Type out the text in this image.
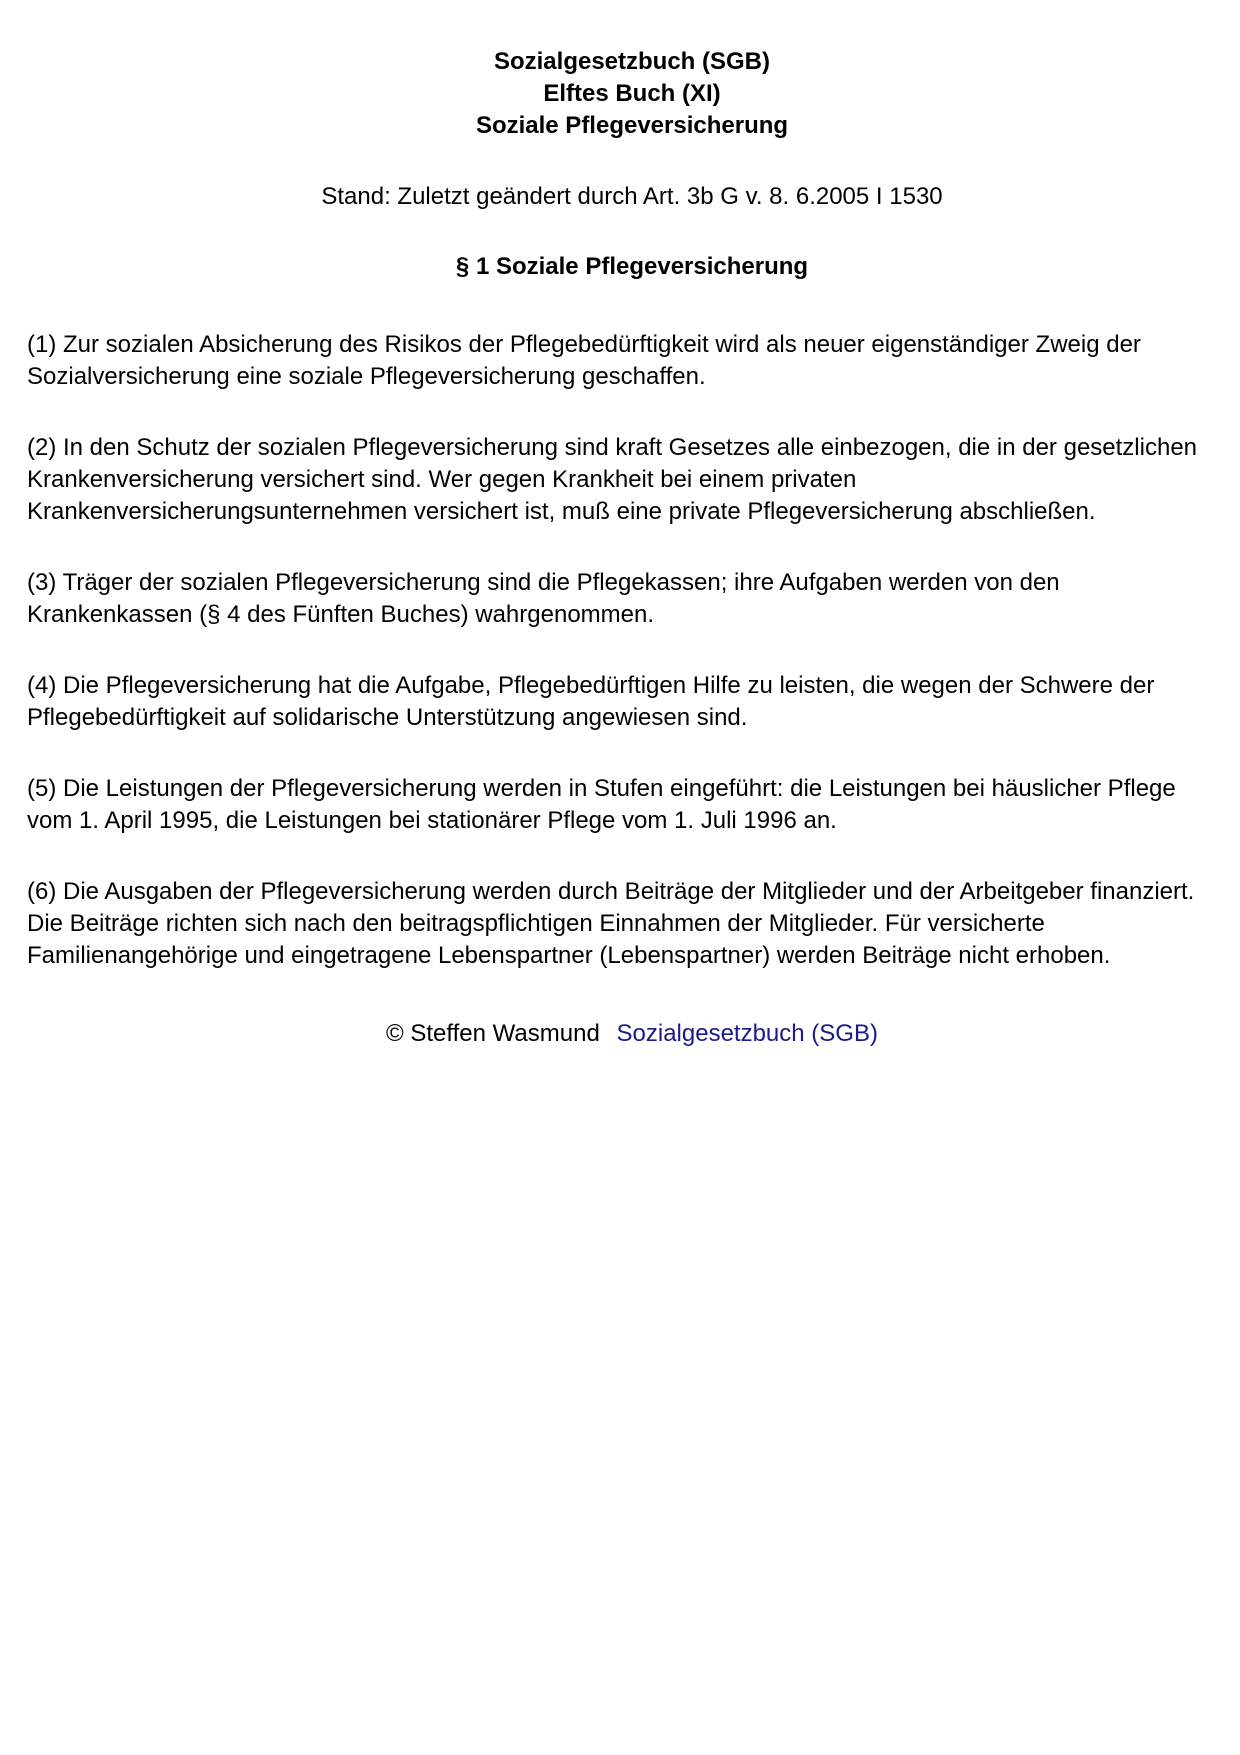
Sozialgesetzbuch (SGB)
Elftes Buch (XI)
Soziale Pflegeversicherung
Stand: Zuletzt geändert durch Art. 3b G v. 8. 6.2005 I 1530
§ 1 Soziale Pflegeversicherung

(1) Zur sozialen Absicherung des Risikos der Pflegebedürftigkeit wird als neuer eigenständiger Zweig der Sozialversicherung eine soziale Pflegeversicherung geschaffen.

(2) In den Schutz der sozialen Pflegeversicherung sind kraft Gesetzes alle einbezogen, die in der gesetzlichen Krankenversicherung versichert sind. Wer gegen Krankheit bei einem privaten Krankenversicherungsunternehmen versichert ist, muß eine private Pflegeversicherung abschließen.

(3) Träger der sozialen Pflegeversicherung sind die Pflegekassen; ihre Aufgaben werden von den Krankenkassen (§ 4 des Fünften Buches) wahrgenommen.

(4) Die Pflegeversicherung hat die Aufgabe, Pflegebedürftigen Hilfe zu leisten, die wegen der Schwere der Pflegebedürftigkeit auf solidarische Unterstützung angewiesen sind.

(5) Die Leistungen der Pflegeversicherung werden in Stufen eingeführt: die Leistungen bei häuslicher Pflege vom 1. April 1995, die Leistungen bei stationärer Pflege vom 1. Juli 1996 an.

(6) Die Ausgaben der Pflegeversicherung werden durch Beiträge der Mitglieder und der Arbeitgeber finanziert. Die Beiträge richten sich nach den beitragspflichtigen Einnahmen der Mitglieder. Für versicherte Familienangehörige und eingetragene Lebenspartner (Lebenspartner) werden Beiträge nicht erhoben.

© Steffen Wasmund Sozialgesetzbuch (SGB)
